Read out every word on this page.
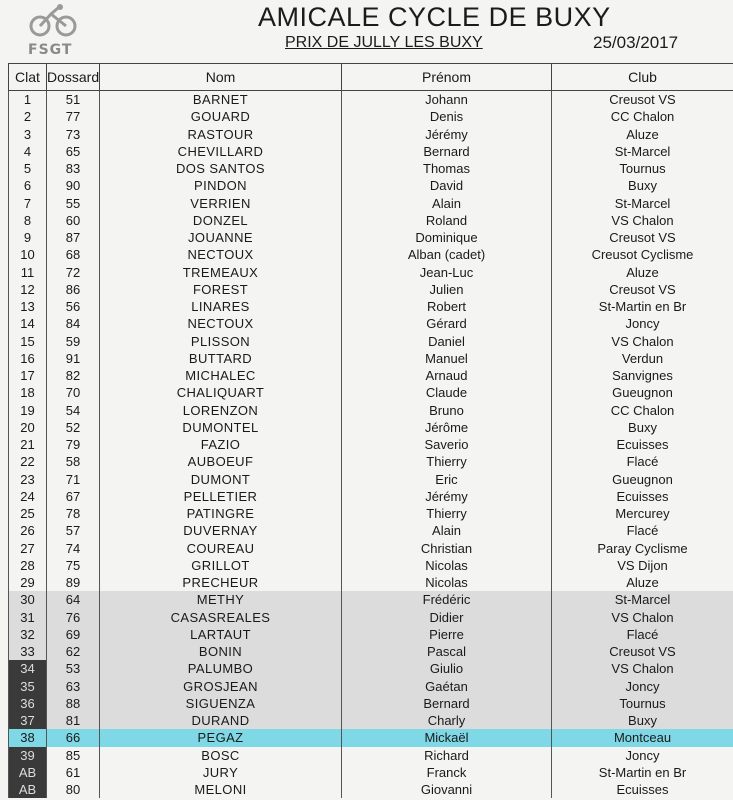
FSGT
AMICALE CYCLE DE BUXY
PRIX DE JULLY LES BUXY	25/03/2017
Clat	Dossard	Nom	Prénom	Club
1	51	BARNET	Johann	Creusot VS
2	77	GOUARD	Denis	CC Chalon
3	73	RASTOUR	Jérémy	Aluze
4	65	CHEVILLARD	Bernard	St-Marcel
5	83	DOS SANTOS	Thomas	Tournus
6	90	PINDON	David	Buxy
7	55	VERRIEN	Alain	St-Marcel
8	60	DONZEL	Roland	VS Chalon
9	87	JOUANNE	Dominique	Creusot VS
10	68	NECTOUX	Alban (cadet)	Creusot Cyclisme
11	72	TREMEAUX	Jean-Luc	Aluze
12	86	FOREST	Julien	Creusot VS
13	56	LINARES	Robert	St-Martin en Br
14	84	NECTOUX	Gérard	Joncy
15	59	PLISSON	Daniel	VS Chalon
16	91	BUTTARD	Manuel	Verdun
17	82	MICHALEC	Arnaud	Sanvignes
18	70	CHALIQUART	Claude	Gueugnon
19	54	LORENZON	Bruno	CC Chalon
20	52	DUMONTEL	Jérôme	Buxy
21	79	FAZIO	Saverio	Ecuisses
22	58	AUBOEUF	Thierry	Flacé
23	71	DUMONT	Eric	Gueugnon
24	67	PELLETIER	Jérémy	Ecuisses
25	78	PATINGRE	Thierry	Mercurey
26	57	DUVERNAY	Alain	Flacé
27	74	COUREAU	Christian	Paray Cyclisme
28	75	GRILLOT	Nicolas	VS Dijon
29	89	PRECHEUR	Nicolas	Aluze
30	64	METHY	Frédéric	St-Marcel
31	76	CASASREALES	Didier	VS Chalon
32	69	LARTAUT	Pierre	Flacé
33	62	BONIN	Pascal	Creusot VS
34	53	PALUMBO	Giulio	VS Chalon
35	63	GROSJEAN	Gaétan	Joncy
36	88	SIGUENZA	Bernard	Tournus
37	81	DURAND	Charly	Buxy
38	66	PEGAZ	Mickaël	Montceau
39	85	BOSC	Richard	Joncy
AB	61	JURY	Franck	St-Martin en Br
AB	80	MELONI	Giovanni	Ecuisses
